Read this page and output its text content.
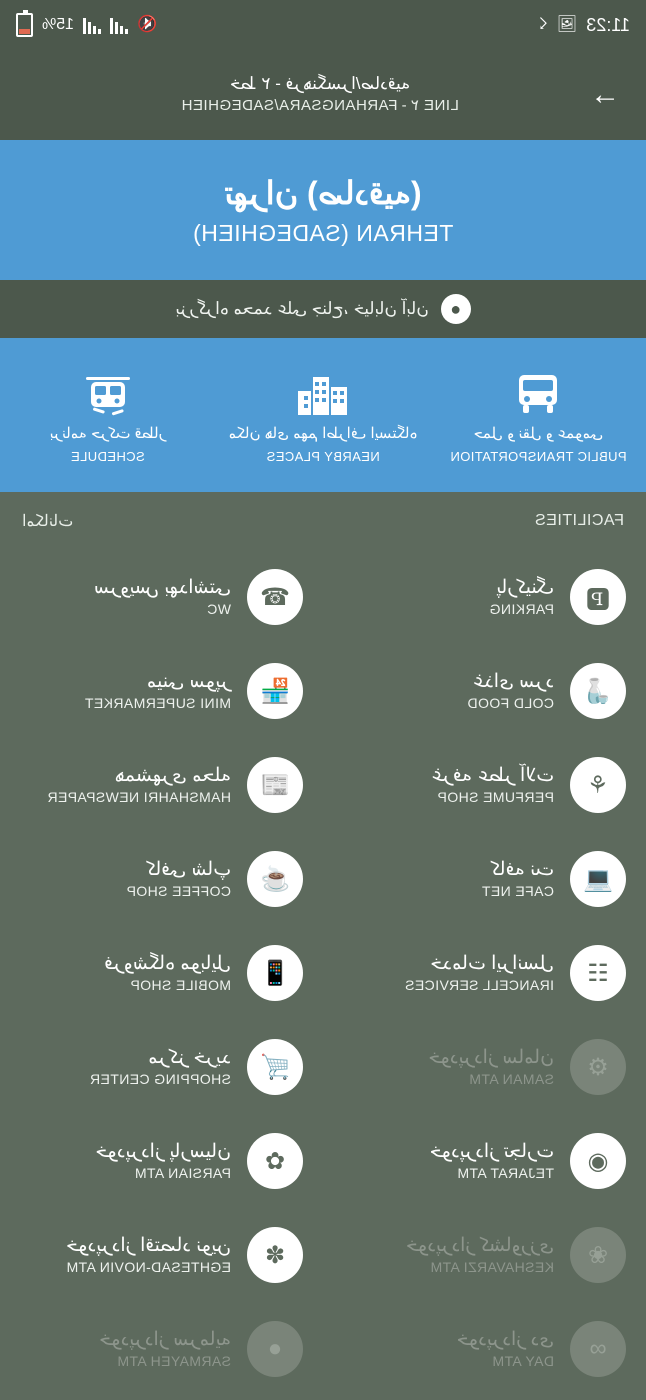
11:23
🖼
☇
🔇
15%
→
خط ۲ - فرهنگسرا/صادقیه
LINE ۲ - FARHANGSARA/SADEGHIEH
تهران (صادقیه)
TEHRAN (SADEGHIEH)
●
بزرگراه محمد علی جناح، خیابان آبان
حمل و نقل و عمومی
PUBLIC TRANSPORTATION
مکان های مهم اطراف ایستگاه
NEARBY PLACES
برنامه حرکت قطار
SCHEDULE
FACILITIES
امکانات
🅿
پارکینگ
PARKING
☎
سرویس بهداشتی
WC
🍶
غذای سرد
COLD FOOD
🏪
مینی سوپر
MINI SUPERMARKET
⚘
غرفه عطر آلات
PERFUME SHOP
📰
همشهری محله
HAMSHAHRI NEWSPAPER
💻
کافه نت
CAFE NET
☕
کافی شاپ
COFFEE SHOP
☷
خدمات ایرانسل
IRANCELL SERVICES
📱
فروشگاه موبایل
MOBILE SHOP
⚙
خودپرداز سامان
SAMAN ATM
🛒
مرکز خرید
SHOPPING CENTER
◉
خودپرداز تجارت
TEJARAT ATM
✿
خودپرداز پارسیان
PARSIAN ATM
❀
خودپرداز کشاورزی
KESHAVARZI ATM
✽
خودپرداز اقتصاد نوین
EGHTESAD-NOVIN ATM
∞
خودپرداز دی
DAY ATM
●
خودپرداز سرمایه
SARMAYEH ATM
